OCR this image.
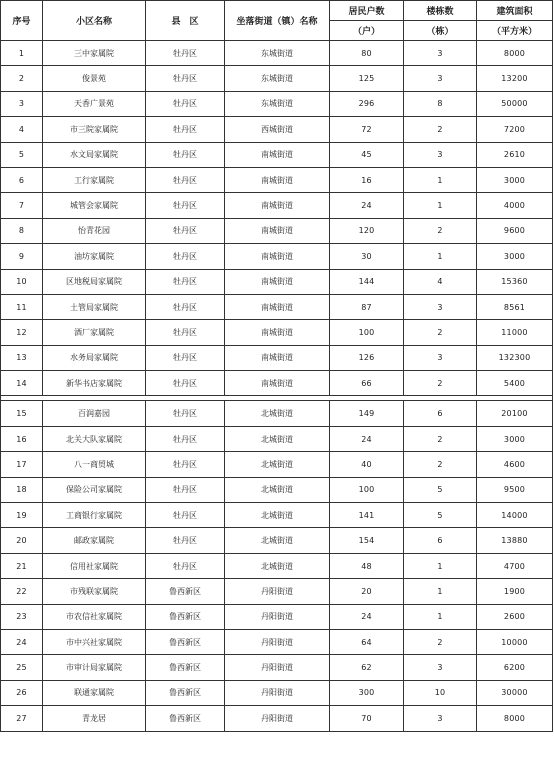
序号	小区名称	县　区	坐落街道（镇）名称	居民户数	楼栋数	建筑面积
				（户）	（栋）	（平方米）
1	三中家属院	牡丹区	东城街道	80	3	8000
2	俊景苑	牡丹区	东城街道	125	3	13200
3	天香广景苑	牡丹区	东城街道	296	8	50000
4	市三院家属院	牡丹区	西城街道	72	2	7200
5	水文局家属院	牡丹区	南城街道	45	3	2610
6	工行家属院	牡丹区	南城街道	16	1	3000
7	城管会家属院	牡丹区	南城街道	24	1	4000
8	怡青花园	牡丹区	南城街道	120	2	9600
9	油坊家属院	牡丹区	南城街道	30	1	3000
10	区地税局家属院	牡丹区	南城街道	144	4	15360
11	土管局家属院	牡丹区	南城街道	87	3	8561
12	酒厂家属院	牡丹区	南城街道	100	2	11000
13	水务局家属院	牡丹区	南城街道	126	3	132300
14	新华书店家属院	牡丹区	南城街道	66	2	5400

15	百润嘉园	牡丹区	北城街道	149	6	20100
16	北关大队家属院	牡丹区	北城街道	24	2	3000
17	八一商贸城	牡丹区	北城街道	40	2	4600
18	保险公司家属院	牡丹区	北城街道	100	5	9500
19	工商银行家属院	牡丹区	北城街道	141	5	14000
20	邮政家属院	牡丹区	北城街道	154	6	13880
21	信用社家属院	牡丹区	北城街道	48	1	4700
22	市残联家属院	鲁西新区	丹阳街道	20	1	1900
23	市农信社家属院	鲁西新区	丹阳街道	24	1	2600
24	市中兴社家属院	鲁西新区	丹阳街道	64	2	10000
25	市审计局家属院	鲁西新区	丹阳街道	62	3	6200
26	联通家属院	鲁西新区	丹阳街道	300	10	30000
27	青龙居	鲁西新区	丹阳街道	70	3	8000
